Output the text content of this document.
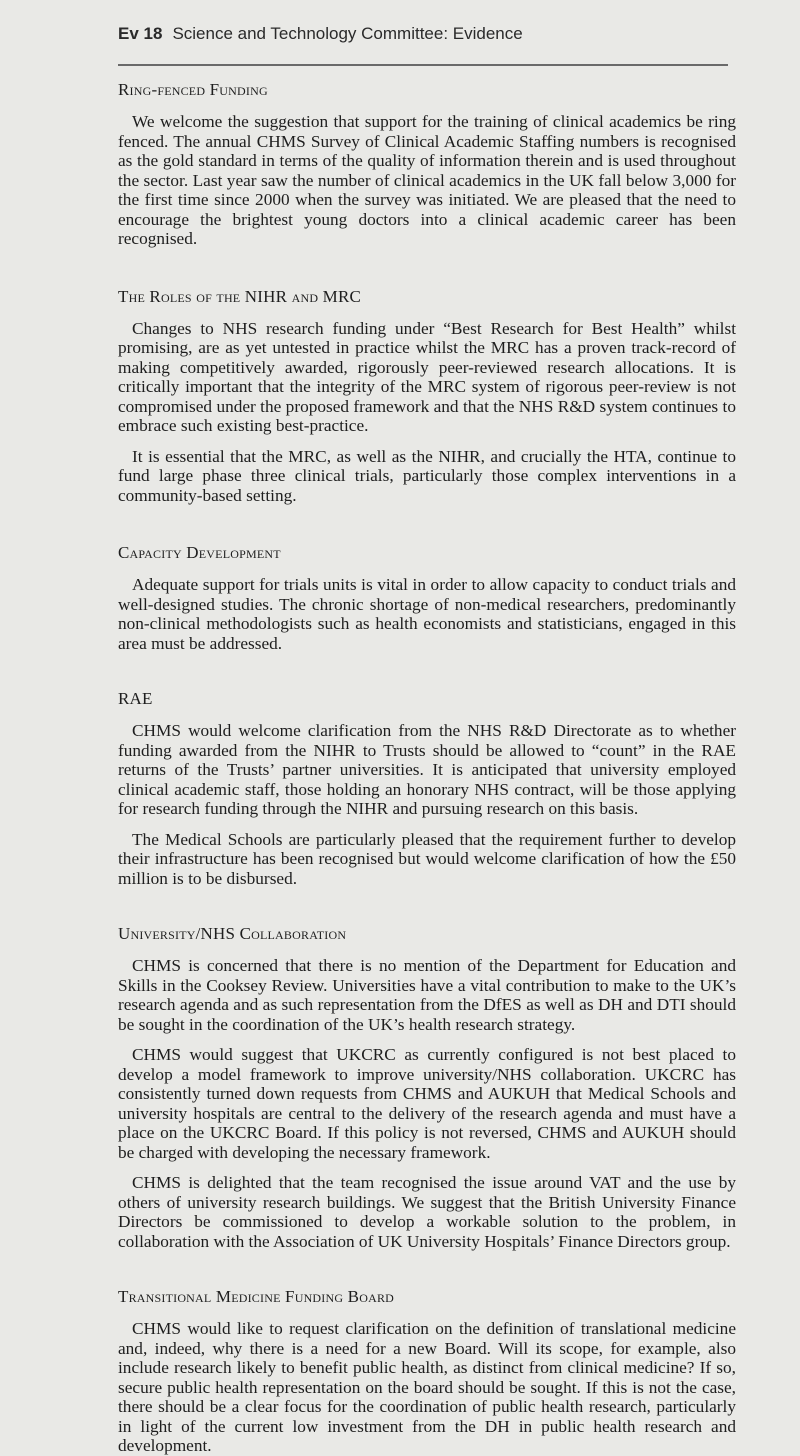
Ev 18 Science and Technology Committee: Evidence
Ring-fenced Funding

We welcome the suggestion that support for the training of clinical academics be ring fenced. The annual CHMS Survey of Clinical Academic Staffing numbers is recognised as the gold standard in terms of the quality of information therein and is used throughout the sector. Last year saw the number of clinical academics in the UK fall below 3,000 for the first time since 2000 when the survey was initiated. We are pleased that the need to encourage the brightest young doctors into a clinical academic career has been recognised.

The Roles of the NIHR and MRC

Changes to NHS research funding under “Best Research for Best Health” whilst promising, are as yet untested in practice whilst the MRC has a proven track-record of making competitively awarded, rigorously peer-reviewed research allocations. It is critically important that the integrity of the MRC system of rigorous peer-review is not compromised under the proposed framework and that the NHS R&D system continues to embrace such existing best-practice.

It is essential that the MRC, as well as the NIHR, and crucially the HTA, continue to fund large phase three clinical trials, particularly those complex interventions in a community-based setting.

Capacity Development

Adequate support for trials units is vital in order to allow capacity to conduct trials and well-designed studies. The chronic shortage of non-medical researchers, predominantly non-clinical methodologists such as health economists and statisticians, engaged in this area must be addressed.

RAE

CHMS would welcome clarification from the NHS R&D Directorate as to whether funding awarded from the NIHR to Trusts should be allowed to “count” in the RAE returns of the Trusts’ partner universities. It is anticipated that university employed clinical academic staff, those holding an honorary NHS contract, will be those applying for research funding through the NIHR and pursuing research on this basis.

The Medical Schools are particularly pleased that the requirement further to develop their infrastructure has been recognised but would welcome clarification of how the £50 million is to be disbursed.

University/NHS Collaboration

CHMS is concerned that there is no mention of the Department for Education and Skills in the Cooksey Review. Universities have a vital contribution to make to the UK’s research agenda and as such representation from the DfES as well as DH and DTI should be sought in the coordination of the UK’s health research strategy.

CHMS would suggest that UKCRC as currently configured is not best placed to develop a model framework to improve university/NHS collaboration. UKCRC has consistently turned down requests from CHMS and AUKUH that Medical Schools and university hospitals are central to the delivery of the research agenda and must have a place on the UKCRC Board. If this policy is not reversed, CHMS and AUKUH should be charged with developing the necessary framework.

CHMS is delighted that the team recognised the issue around VAT and the use by others of university research buildings. We suggest that the British University Finance Directors be commissioned to develop a workable solution to the problem, in collaboration with the Association of UK University Hospitals’ Finance Directors group.

Transitional Medicine Funding Board

CHMS would like to request clarification on the definition of translational medicine and, indeed, why there is a need for a new Board. Will its scope, for example, also include research likely to benefit public health, as distinct from clinical medicine? If so, secure public health representation on the board should be sought. If this is not the case, there should be a clear focus for the coordination of public health research, particularly in light of the current low investment from the DH in public health research and development.
